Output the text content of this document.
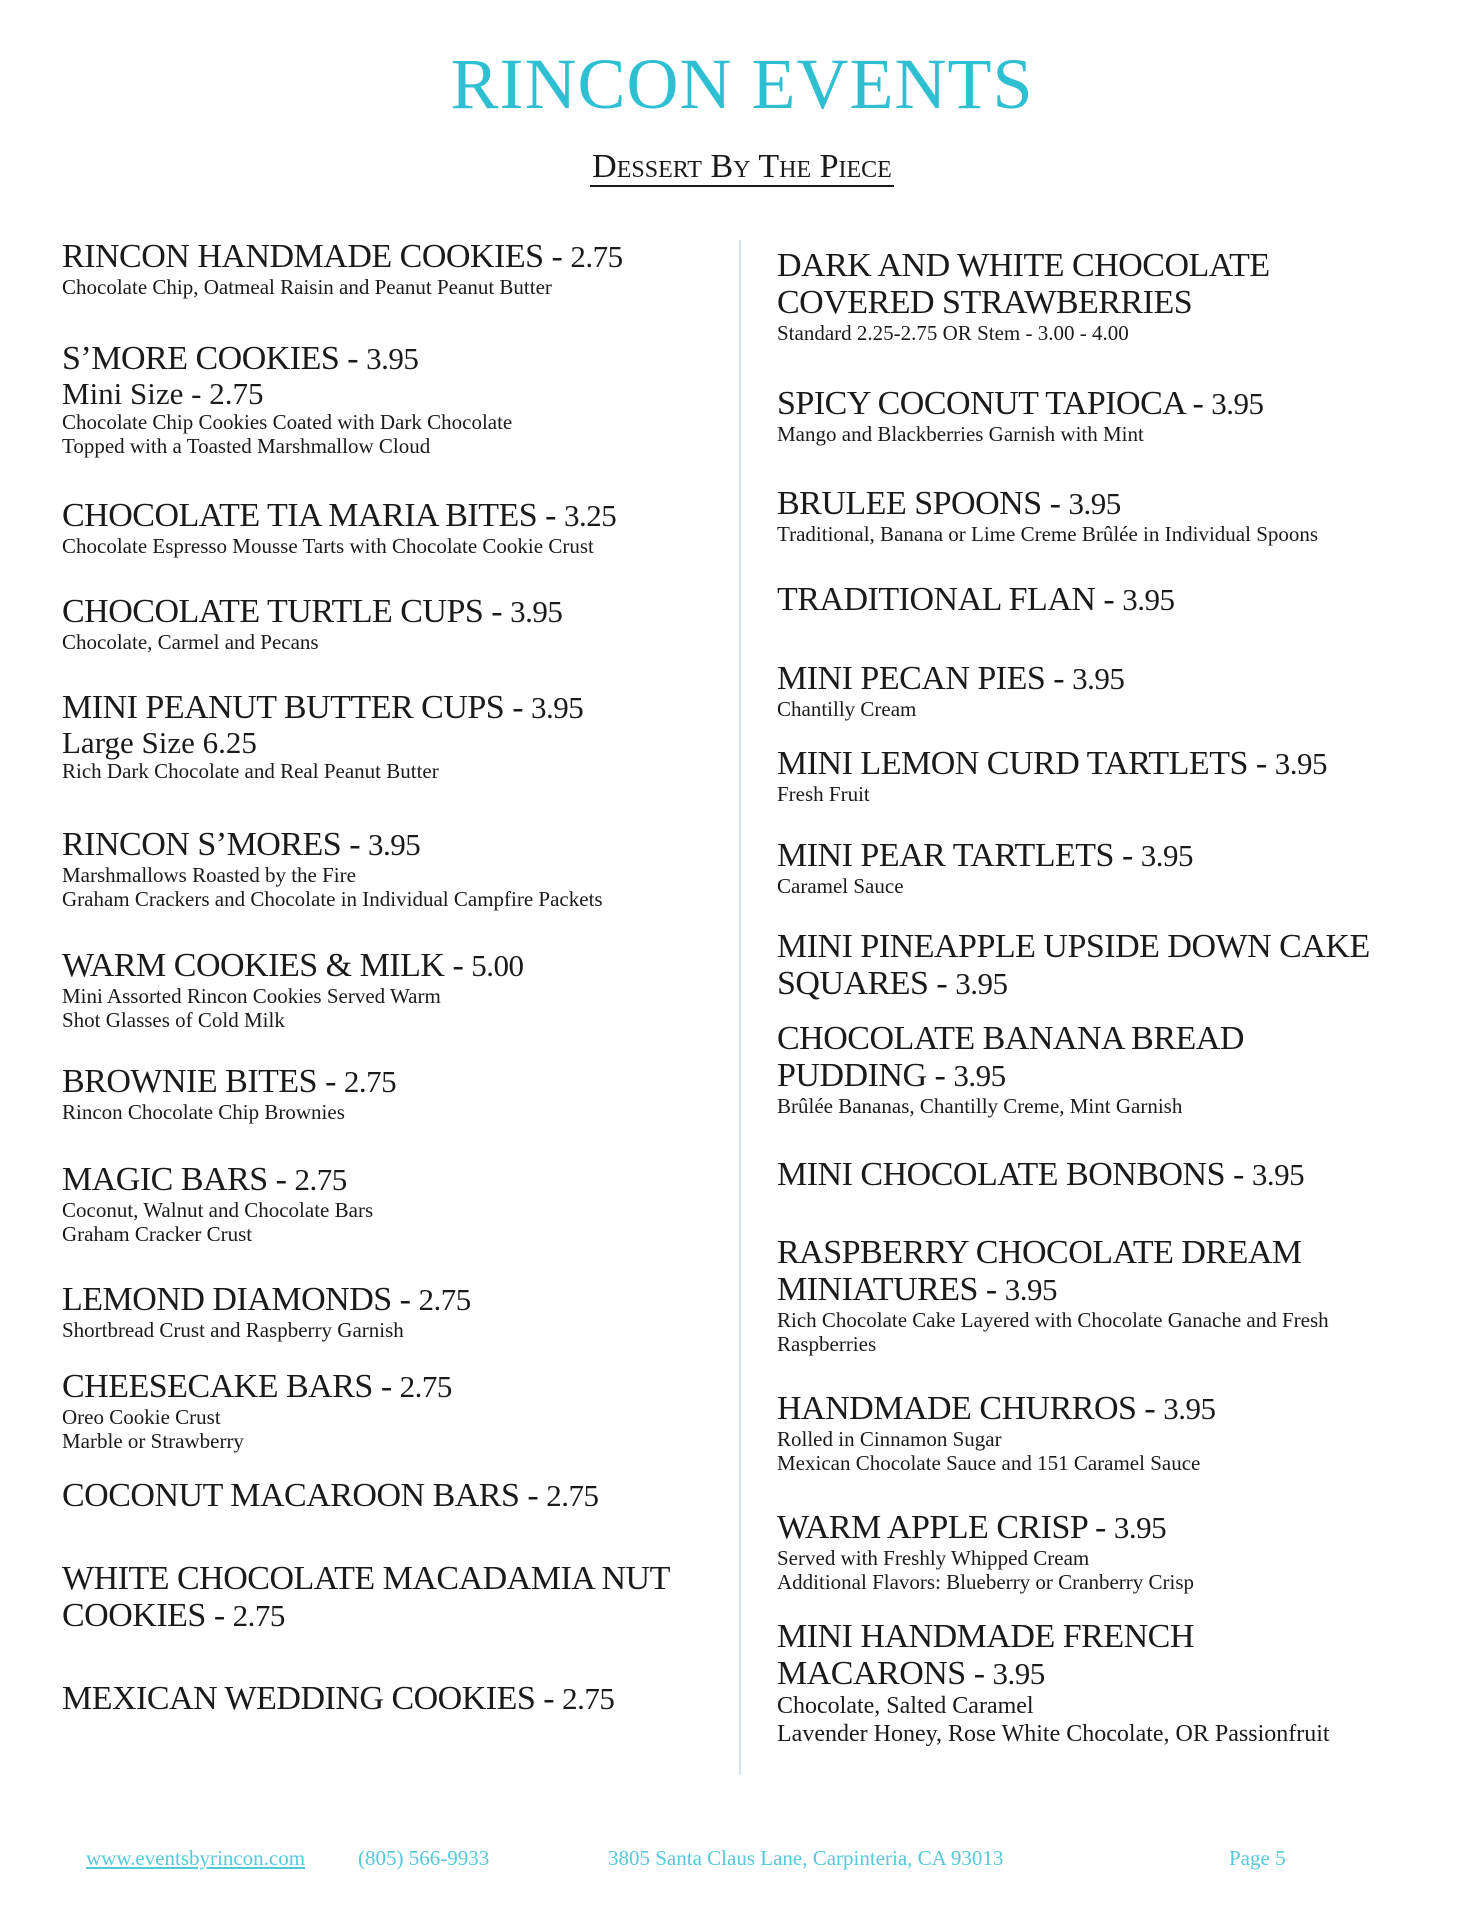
RINCON EVENTS
Dessert By The Piece
RINCON HANDMADE COOKIES - 2.75
Chocolate Chip, Oatmeal Raisin and Peanut Peanut Butter
S’MORE COOKIES - 3.95
Mini Size - 2.75
Chocolate Chip Cookies Coated with Dark Chocolate
Topped with a Toasted Marshmallow Cloud
CHOCOLATE TIA MARIA BITES - 3.25
Chocolate Espresso Mousse Tarts with Chocolate Cookie Crust
CHOCOLATE TURTLE CUPS - 3.95
Chocolate, Carmel and Pecans
MINI PEANUT BUTTER CUPS - 3.95
Large Size 6.25
Rich Dark Chocolate and Real Peanut Butter
RINCON S’MORES - 3.95
Marshmallows Roasted by the Fire
Graham Crackers and Chocolate in Individual Campfire Packets
WARM COOKIES & MILK - 5.00
Mini Assorted Rincon Cookies Served Warm
Shot Glasses of Cold Milk
BROWNIE BITES - 2.75
Rincon Chocolate Chip Brownies
MAGIC BARS - 2.75
Coconut, Walnut and Chocolate Bars
Graham Cracker Crust
LEMOND DIAMONDS - 2.75
Shortbread Crust and Raspberry Garnish
CHEESECAKE BARS - 2.75
Oreo Cookie Crust
Marble or Strawberry
COCONUT MACAROON BARS - 2.75
WHITE CHOCOLATE MACADAMIA NUT COOKIES - 2.75
MEXICAN WEDDING COOKIES - 2.75
DARK AND WHITE CHOCOLATE COVERED STRAWBERRIES
Standard 2.25-2.75 OR Stem - 3.00 - 4.00
SPICY COCONUT TAPIOCA - 3.95
Mango and Blackberries Garnish with Mint
BRULEE SPOONS - 3.95
Traditional, Banana or Lime Creme Brûlée in Individual Spoons
TRADITIONAL FLAN - 3.95
MINI PECAN PIES - 3.95
Chantilly Cream
MINI LEMON CURD TARTLETS - 3.95
Fresh Fruit
MINI PEAR TARTLETS - 3.95
Caramel Sauce
MINI PINEAPPLE UPSIDE DOWN CAKE SQUARES - 3.95
CHOCOLATE BANANA BREAD PUDDING - 3.95
Brûlée Bananas, Chantilly Creme, Mint Garnish
MINI CHOCOLATE BONBONS - 3.95
RASPBERRY CHOCOLATE DREAM MINIATURES - 3.95
Rich Chocolate Cake Layered with Chocolate Ganache and Fresh Raspberries
HANDMADE CHURROS - 3.95
Rolled in Cinnamon Sugar
Mexican Chocolate Sauce and 151 Caramel Sauce
WARM APPLE CRISP - 3.95
Served with Freshly Whipped Cream
Additional Flavors: Blueberry or Cranberry Crisp
MINI HANDMADE FRENCH MACARONS - 3.95
Chocolate, Salted Caramel
Lavender Honey, Rose White Chocolate, OR Passionfruit
www.eventsbyrincon.com	(805) 566-9933	3805 Santa Claus Lane, Carpinteria, CA 93013	Page 5
